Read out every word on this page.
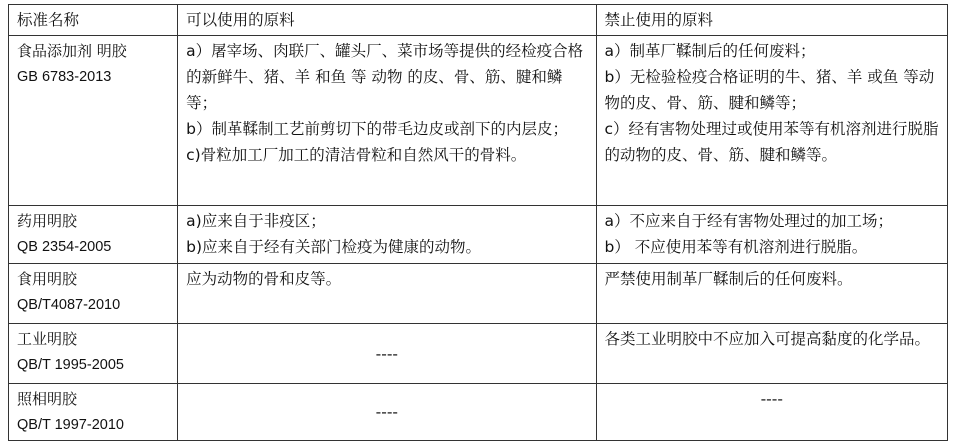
标准名称	可以使用的原料	禁止使用的原料

食品添加剂 明胶
GB 6783-2013	a）屠宰场、肉联厂、罐头厂、菜市场等提供的经检疫合格的新鲜牛、猪、羊 和鱼 等 动物 的皮、骨、筋、腱和鳞等；
b）制革鞣制工艺前剪切下的带毛边皮或剖下的内层皮；
c)骨粒加工厂加工的清洁骨粒和自然风干的骨料。	a）制革厂鞣制后的任何废料；
b）无检验检疫合格证明的牛、猪、羊 或鱼 等动物的皮、骨、筋、腱和鳞等；
c）经有害物处理过或使用苯等有机溶剂进行脱脂的动物的皮、骨、筋、腱和鳞等。

药用明胶
QB 2354-2005	a)应来自于非疫区；
b)应来自于经有关部门检疫为健康的动物。	a）不应来自于经有害物处理过的加工场；
b） 不应使用苯等有机溶剂进行脱脂。

食用明胶
QB/T4087-2010	应为动物的骨和皮等。	严禁使用制革厂鞣制后的任何废料。

工业明胶
QB/T 1995-2005	----	各类工业明胶中不应加入可提高黏度的化学品。

照相明胶
QB/T 1997-2010	----	----
